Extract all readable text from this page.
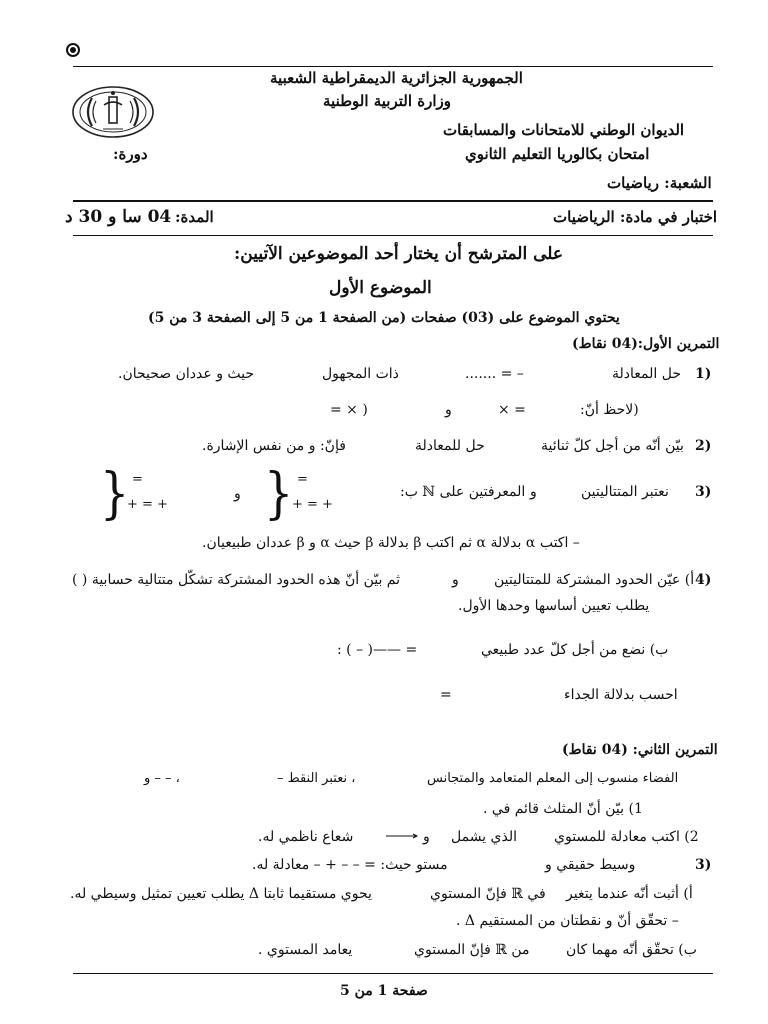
الجمهورية الجزائرية الديمقراطية الشعبية
وزارة التربية الوطنية
الديوان الوطني للامتحانات والمسابقات
امتحان بكالوريا التعليم الثانوي
دورة:
الشعبة: رياضيات
اختبار في مادة: الرياضيات
المدة:
04 سا و 30 د
على المترشح أن يختار أحد الموضوعين الآتيين:
الموضوع الأول
يحتوي الموضوع على (03) صفحات (من الصفحة 1 من 5 إلى الصفحة 3 من 5)
التمرين الأول:(04 نقاط)
1)
حل المعادلة
....... = –
ذات المجهول
حيث و عددان صحيحان.
(لاحظ أنّ:
× =
و
= × )
2)
بيّن أنّه من أجل كلّ ثنائية
حل للمعادلة
فإنّ: و من نفس الإشارة.
3)
نعتبر المتتاليتين
و
المعرفتين على ℕ ب:
{ =
+ = +
و
{ =
+ = +
– اكتب α بدلالة α ثم اكتب β بدلالة β حيث α و β عددان طبيعيان.
4)
أ) عيّن الحدود المشتركة للمتتاليتين
و
ثم بيّن أنّ هذه الحدود المشتركة تشكّل متتالية حسابية ( )
يطلب تعيين أساسها وحدها الأول.
ب) نضع من أجل كلّ عدد طبيعي
: ( – )—— =
احسب بدلالة الجداء
=
التمرين الثاني: (04 نقاط)
الفضاء منسوب إلى المعلم المتعامد والمتجانس
، نعتبر النقط –
، – – و
1) بيّن أنّ المثلث قائم في .
2) اكتب معادلة للمستوي
الذي يشمل
و
شعاع ناظمي له.
3)
وسيط حقيقي و
مستو حيث: = – – + – معادلة له.
أ) أثبت أنّه عندما يتغير
في ℝ فإنّ المستوي
يحوي مستقيما ثابتا Δ يطلب تعيين تمثيل وسيطي له.
– تحقّق أنّ و نقطتان من المستقيم Δ .
ب) تحقّق أنّه مهما كان
من ℝ فإنّ المستوي
يعامد المستوي .
صفحة 1 من 5
